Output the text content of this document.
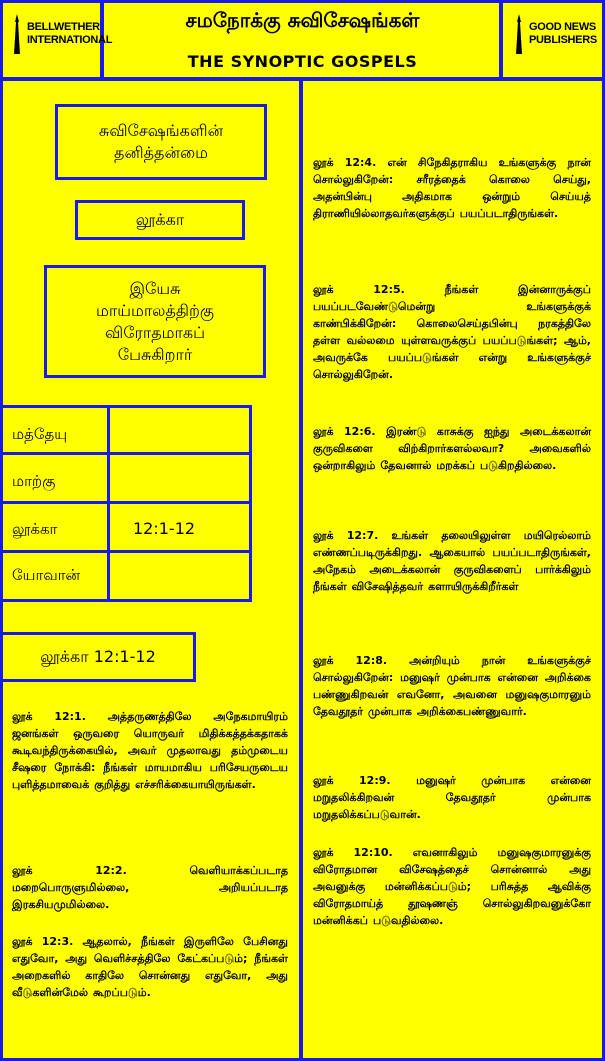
BELLWETHER
INTERNATIONAL
சமநோக்கு சுவிசேஷங்கள்
THE SYNOPTIC GOSPELS
GOOD NEWS
PUBLISHERS
சுவிசேஷங்களின்
தனித்தன்மை
லூக்கா
இயேசு
மாய்மாலத்திற்கு
விரோதமாகப்
பேசுகிறார்
மத்தேயு
மாற்கு
லூக்கா	12:1-12
யோவான்
லூக்கா 12:1-12
லூக் 12:1. அத்தருணத்திலே அநேகமாயிரம்
ஜனங்கள் ஒருவரை யொருவர் மிதிக்கத்தக்கதாகக்
கூடிவந்திருக்கையில், அவர் முதலாவது தம்முடைய
சீஷரை நோக்கி: நீங்கள் மாயமாகிய பரிசேயருடைய
புளித்தமாவைக் குறித்து எச்சரிக்கையாயிருங்கள்.
லூக்	12:2.	வெளியாக்கப்படாத
மறைபொருளுமில்லை,	அறியப்படாத
இரகசியமுமில்லை.
லூக் 12:3. ஆதலால், நீங்கள் இருளிலே பேசினது
எதுவோ, அது வெளிச்சத்திலே கேட்கப்படும்; நீங்கள்
அறைகளில் காதிலே சொன்னது எதுவோ, அது
வீடுகளின்மேல் கூறப்படும்.
லூக் 12:4. என் சிநேகிதராகிய உங்களுக்கு நான்
சொல்லுகிறேன்: சரீரத்தைக் கொலை செய்து,
அதன்பின்பு	அதிகமாக	ஒன்றும்	செய்யத்
திராணியில்லாதவர்களுக்குப் பயப்படாதிருங்கள்.
லூக்	12:5.	நீங்கள்	இன்னாருக்குப்
பயப்படவேண்டுமென்று	உங்களுக்குக்
காண்பிக்கிறேன்: கொலைசெய்தபின்பு நரகத்திலே
தள்ள வல்லமை யுள்ளவருக்குப் பயப்படுங்கள்; ஆம்,
அவருக்கே பயப்படுங்கள் என்று உங்களுக்குச்
சொல்லுகிறேன்.
லூக் 12:6. இரண்டு காசுக்கு ஐந்து அடைக்கலான்
குருவிகளை விற்கிறார்களல்லவா? அவைகளில்
ஒன்றாகிலும் தேவனால் மறக்கப் படுகிறதில்லை.
லூக் 12:7. உங்கள் தலையிலுள்ள மயிரெல்லாம்
எண்ணப்படிருக்கிறது. ஆகையால் பயப்படாதிருங்கள்,
அநேகம் அடைக்கலான் குருவிகளைப் பார்க்கிலும்
நீங்கள் விசேஷித்தவர் களாயிருக்கிறீர்கள்
லூக் 12:8. அன்றியும் நான் உங்களுக்குச்
சொல்லுகிறேன்: மனுஷர் முன்பாக என்னை அறிக்கை
பண்ணுகிறவன் எவனோ, அவனை மனுஷகுமாரனும்
தேவதூதர் முன்பாக அறிக்கைபண்ணுவார்.
லூக் 12:9. மனுஷர் முன்பாக என்னை
மறுதலிக்கிறவன்	தேவதூதர்	முன்பாக
மறுதலிக்கப்படுவான்.
லூக் 12:10. எவனாகிலும் மனுஷகுமாரனுக்கு
விரோதமான விசேஷத்தைச் சொன்னால் அது
அவனுக்கு மன்னிக்கப்படும்; பரிசுத்த ஆவிக்கு
விரோதமாய்த் தூஷணஞ் சொல்லுகிறவனுக்கோ
மன்னிக்கப் படுவதில்லை.
